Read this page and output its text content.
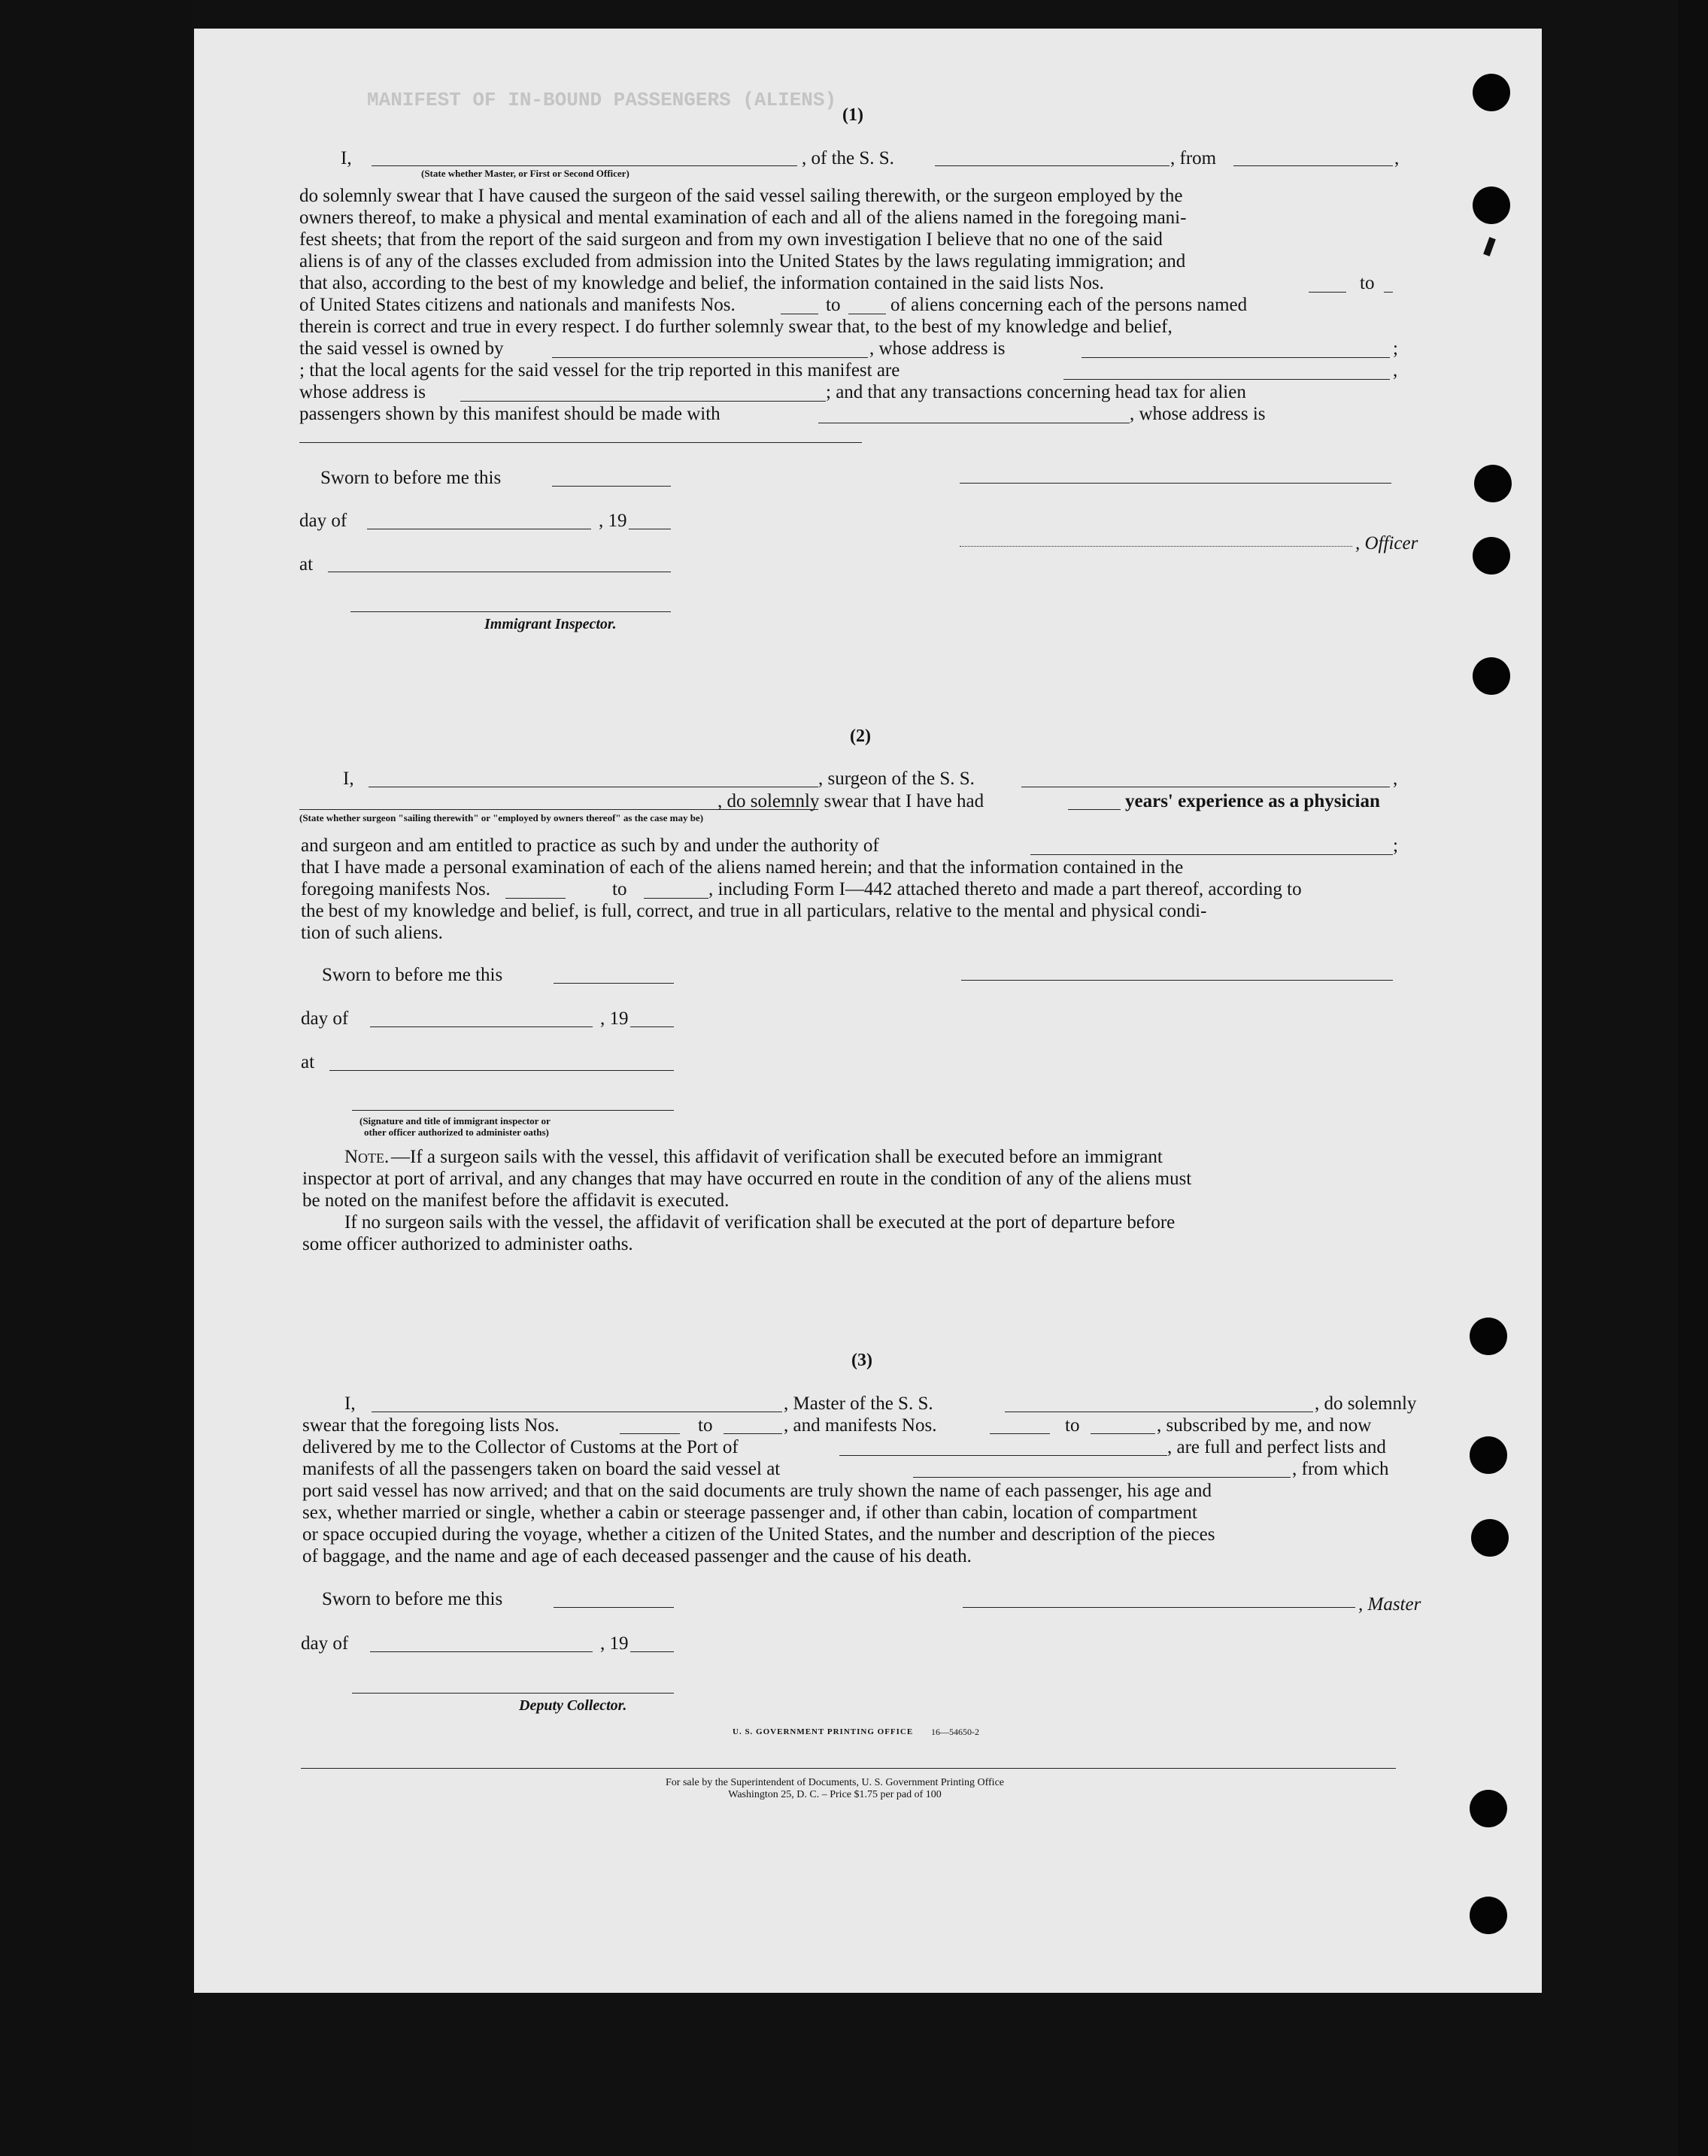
MANIFEST OF IN-BOUND PASSENGERS (ALIENS)
(1)
I,	, of the S. S.	, from	,
(State whether Master, or First or Second Officer)
do solemnly swear that I have caused the surgeon of the said vessel sailing therewith, or the surgeon employed by the
owners thereof, to make a physical and mental examination of each and all of the aliens named in the foregoing mani-
fest sheets; that from the report of the said surgeon and from my own investigation I believe that no one of the said
aliens is of any of the classes excluded from admission into the United States by the laws regulating immigration; and
that also, according to the best of my knowledge and belief, the information contained in the said lists Nos.	to
of United States citizens and nationals and manifests Nos.	to	of aliens concerning each of the persons named
therein is correct and true in every respect. I do further solemnly swear that, to the best of my knowledge and belief,
the said vessel is owned by	, whose address is	;
; that the local agents for the said vessel for the trip reported in this manifest are	,
whose address is	; and that any transactions concerning head tax for alien
passengers shown by this manifest should be made with	, whose address is
Sworn to before me this
day of	, 19
, Officer
at
Immigrant Inspector.
(2)
I,	, surgeon of the S. S.	,
, do solemnly swear that I have had	years' experience as a physician
(State whether surgeon "sailing therewith" or "employed by owners thereof" as the case may be)
and surgeon and am entitled to practice as such by and under the authority of	;
that I have made a personal examination of each of the aliens named herein; and that the information contained in the
foregoing manifests Nos.	to	, including Form I—442 attached thereto and made a part thereof, according to
the best of my knowledge and belief, is full, correct, and true in all particulars, relative to the mental and physical condi-
tion of such aliens.
Sworn to before me this
day of	, 19
at
(Signature and title of immigrant inspector or
other officer authorized to administer oaths)
Note. —If a surgeon sails with the vessel, this affidavit of verification shall be executed before an immigrant
inspector at port of arrival, and any changes that may have occurred en route in the condition of any of the aliens must
be noted on the manifest before the affidavit is executed.
If no surgeon sails with the vessel, the affidavit of verification shall be executed at the port of departure before
some officer authorized to administer oaths.
(3)
I,	, Master of the S. S.	, do solemnly
swear that the foregoing lists Nos.	to	, and manifests Nos.	to	, subscribed by me, and now
delivered by me to the Collector of Customs at the Port of	, are full and perfect lists and
manifests of all the passengers taken on board the said vessel at	, from which
port said vessel has now arrived; and that on the said documents are truly shown the name of each passenger, his age and
sex, whether married or single, whether a cabin or steerage passenger and, if other than cabin, location of compartment
or space occupied during the voyage, whether a citizen of the United States, and the number and description of the pieces
of baggage, and the name and age of each deceased passenger and the cause of his death.
Sworn to before me this	, Master
day of	, 19
Deputy Collector.
U. S. GOVERNMENT PRINTING OFFICE 16—54650-2
For sale by the Superintendent of Documents, U. S. Government Printing Office
Washington 25, D. C. – Price $1.75 per pad of 100
